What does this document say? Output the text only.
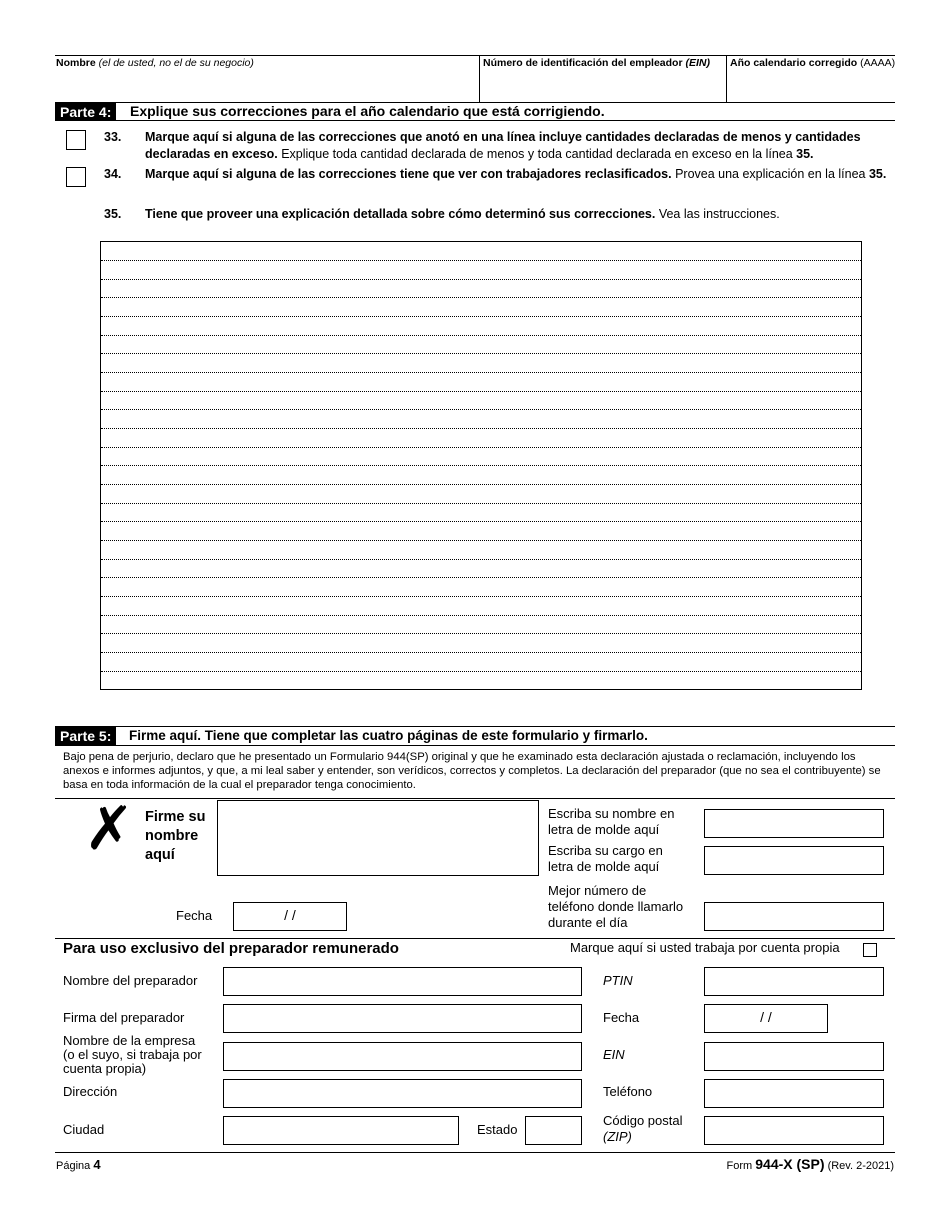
Nombre (el de usted, no el de su negocio)	Número de identificación del empleador (EIN) Año calendario corregido (AAAA)
Parte 4:	Explique sus correcciones para el año calendario que está corrigiendo.
33. Marque aquí si alguna de las correcciones que anotó en una línea incluye cantidades declaradas de menos y cantidades declaradas en exceso. Explique toda cantidad declarada de menos y toda cantidad declarada en exceso en la línea 35.
34. Marque aquí si alguna de las correcciones tiene que ver con trabajadores reclasificados. Provea una explicación en la línea 35.
35. Tiene que proveer una explicación detallada sobre cómo determinó sus correcciones. Vea las instrucciones.
Parte 5:	Firme aquí. Tiene que completar las cuatro páginas de este formulario y firmarlo.
Bajo pena de perjurio, declaro que he presentado un Formulario 944(SP) original y que he examinado esta declaración ajustada o reclamación, incluyendo los anexos e informes adjuntos, y que, a mi leal saber y entender, son verídicos, correctos y completos. La declaración del preparador (que no sea el contribuyente) se basa en toda información de la cual el preparador tenga conocimiento.
✗ Firme su
nombre
aquí
Escriba su nombre en
letra de molde aquí
Escriba su cargo en
letra de molde aquí
Fecha	/ /
Mejor número de
teléfono donde llamarlo
durante el día
Para uso exclusivo del preparador remunerado	Marque aquí si usted trabaja por cuenta propia
Nombre del preparador	PTIN
Firma del preparador	Fecha	/ /
Nombre de la empresa
(o el suyo, si trabaja por
cuenta propia)
EIN
Dirección	Teléfono
Ciudad	Estado
Código postal
(ZIP)
Página 4	Form 944-X (SP) (Rev. 2-2021)
